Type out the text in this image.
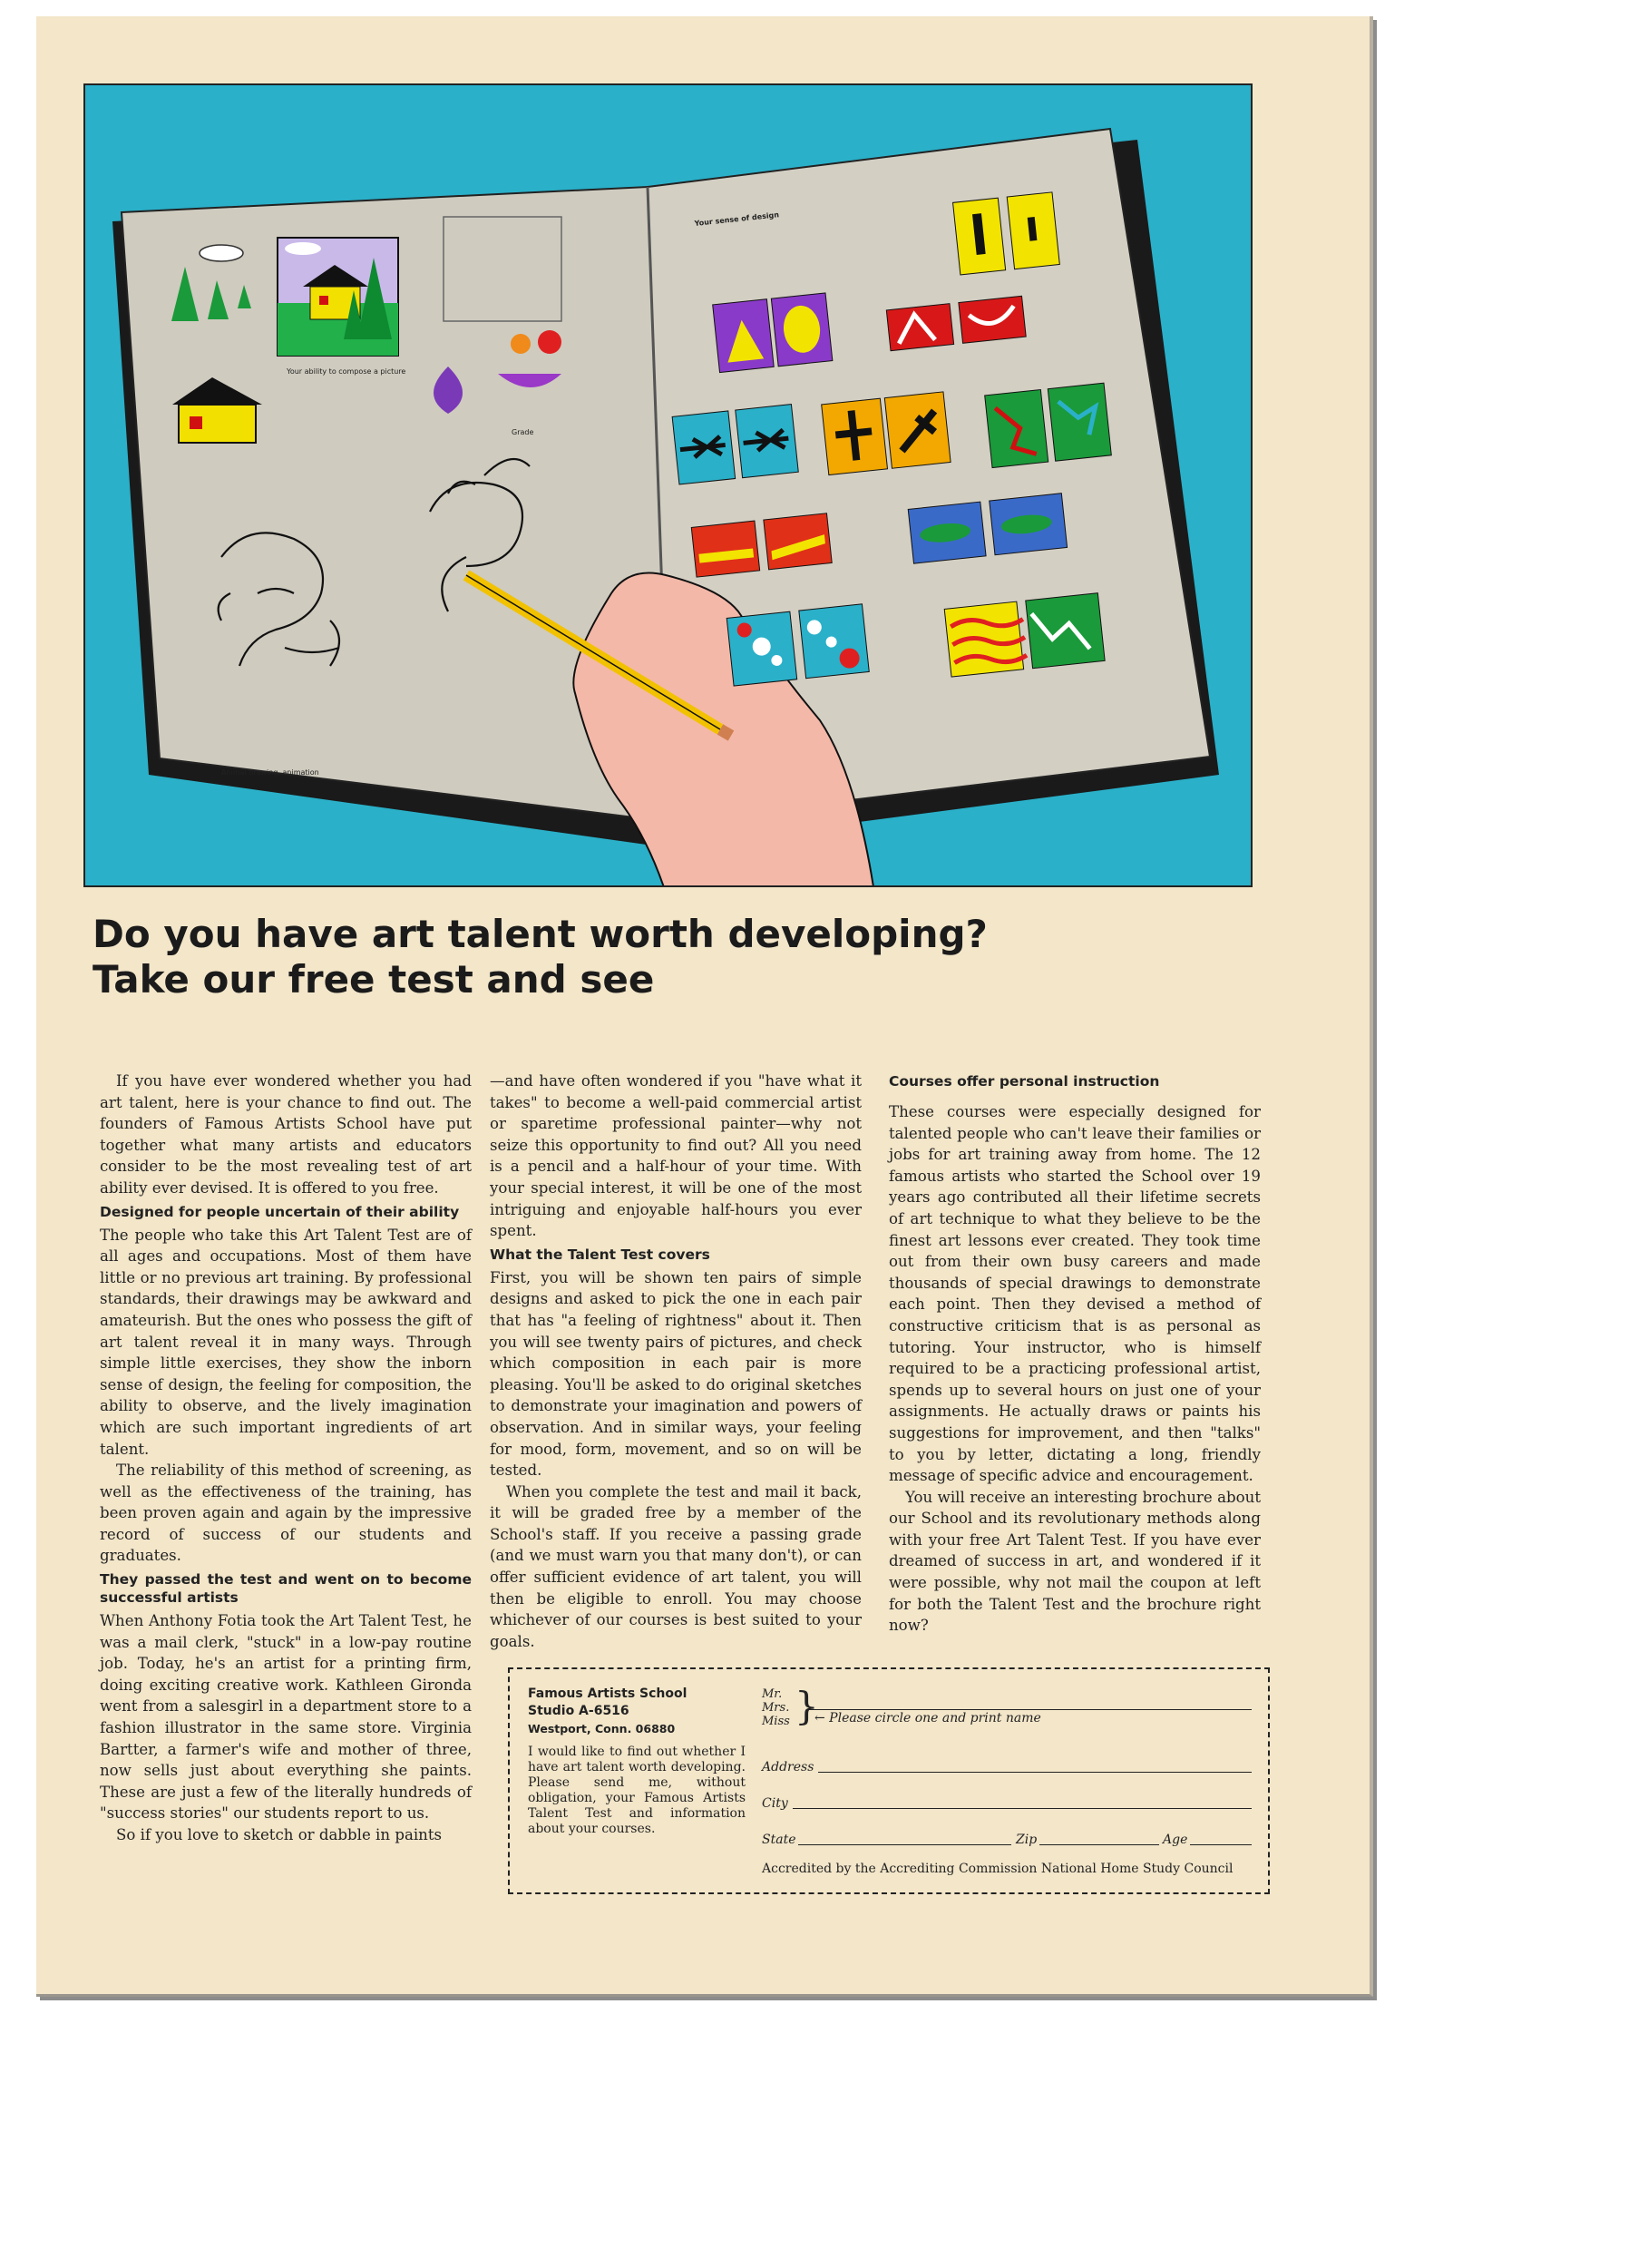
Your ability to compose a picture
Grade
Animal drawing, animation
Your sense of design
Do you have art talent worth developing?
Take our free test and see

If you have ever wondered whether you had art talent, here is your chance to find out. The founders of Famous Artists School have put together what many artists and educators consider to be the most revealing test of art ability ever devised. It is offered to you free.

Designed for people uncertain of their ability

The people who take this Art Talent Test are of all ages and occupations. Most of them have little or no previous art training. By professional standards, their drawings may be awkward and amateurish. But the ones who possess the gift of art talent reveal it in many ways. Through simple little exercises, they show the inborn sense of design, the feeling for composition, the ability to observe, and the lively imagination which are such important ingredients of art talent.

The reliability of this method of screening, as well as the effectiveness of the training, has been proven again and again by the impressive record of success of our students and graduates.

They passed the test and went on to become successful artists

When Anthony Fotia took the Art Talent Test, he was a mail clerk, "stuck" in a low-pay routine job. Today, he's an artist for a printing firm, doing exciting creative work. Kathleen Gironda went from a salesgirl in a department store to a fashion illustrator in the same store. Virginia Bartter, a farmer's wife and mother of three, now sells just about everything she paints. These are just a few of the literally hundreds of "success stories" our students report to us.

So if you love to sketch or dabble in paints

—and have often wondered if you "have what it takes" to become a well-paid commercial artist or sparetime professional painter—why not seize this opportunity to find out? All you need is a pencil and a half-hour of your time. With your special interest, it will be one of the most intriguing and enjoyable half-hours you ever spent.

What the Talent Test covers

First, you will be shown ten pairs of simple designs and asked to pick the one in each pair that has "a feeling of rightness" about it. Then you will see twenty pairs of pictures, and check which composition in each pair is more pleasing. You'll be asked to do original sketches to demonstrate your imagination and powers of observation. And in similar ways, your feeling for mood, form, movement, and so on will be tested.

When you complete the test and mail it back, it will be graded free by a member of the School's staff. If you receive a passing grade (and we must warn you that many don't), or can offer sufficient evidence of art talent, you will then be eligible to enroll. You may choose whichever of our courses is best suited to your goals.

Courses offer personal instruction

These courses were especially designed for talented people who can't leave their families or jobs for art training away from home. The 12 famous artists who started the School over 19 years ago contributed all their lifetime secrets of art technique to what they believe to be the finest art lessons ever created. They took time out from their own busy careers and made thousands of special drawings to demonstrate each point. Then they devised a method of constructive criticism that is as personal as tutoring. Your instructor, who is himself required to be a practicing professional artist, spends up to several hours on just one of your assignments. He actually draws or paints his suggestions for improvement, and then "talks" to you by letter, dictating a long, friendly message of specific advice and encouragement.

You will receive an interesting brochure about our School and its revolutionary methods along with your free Art Talent Test. If you have ever dreamed of success in art, and wondered if it were possible, why not mail the coupon at left for both the Talent Test and the brochure right now?

Famous Artists School
Studio A-6516
Westport, Conn. 06880
I would like to find out whether I have art talent worth developing. Please send me, without obligation, your Famous Artists Talent Test and information about your courses.
Mr.
Mrs.
Miss }
← Please circle one and print name
Address
City
State	Zip	Age
Accredited by the Accrediting Commission National Home Study Council
